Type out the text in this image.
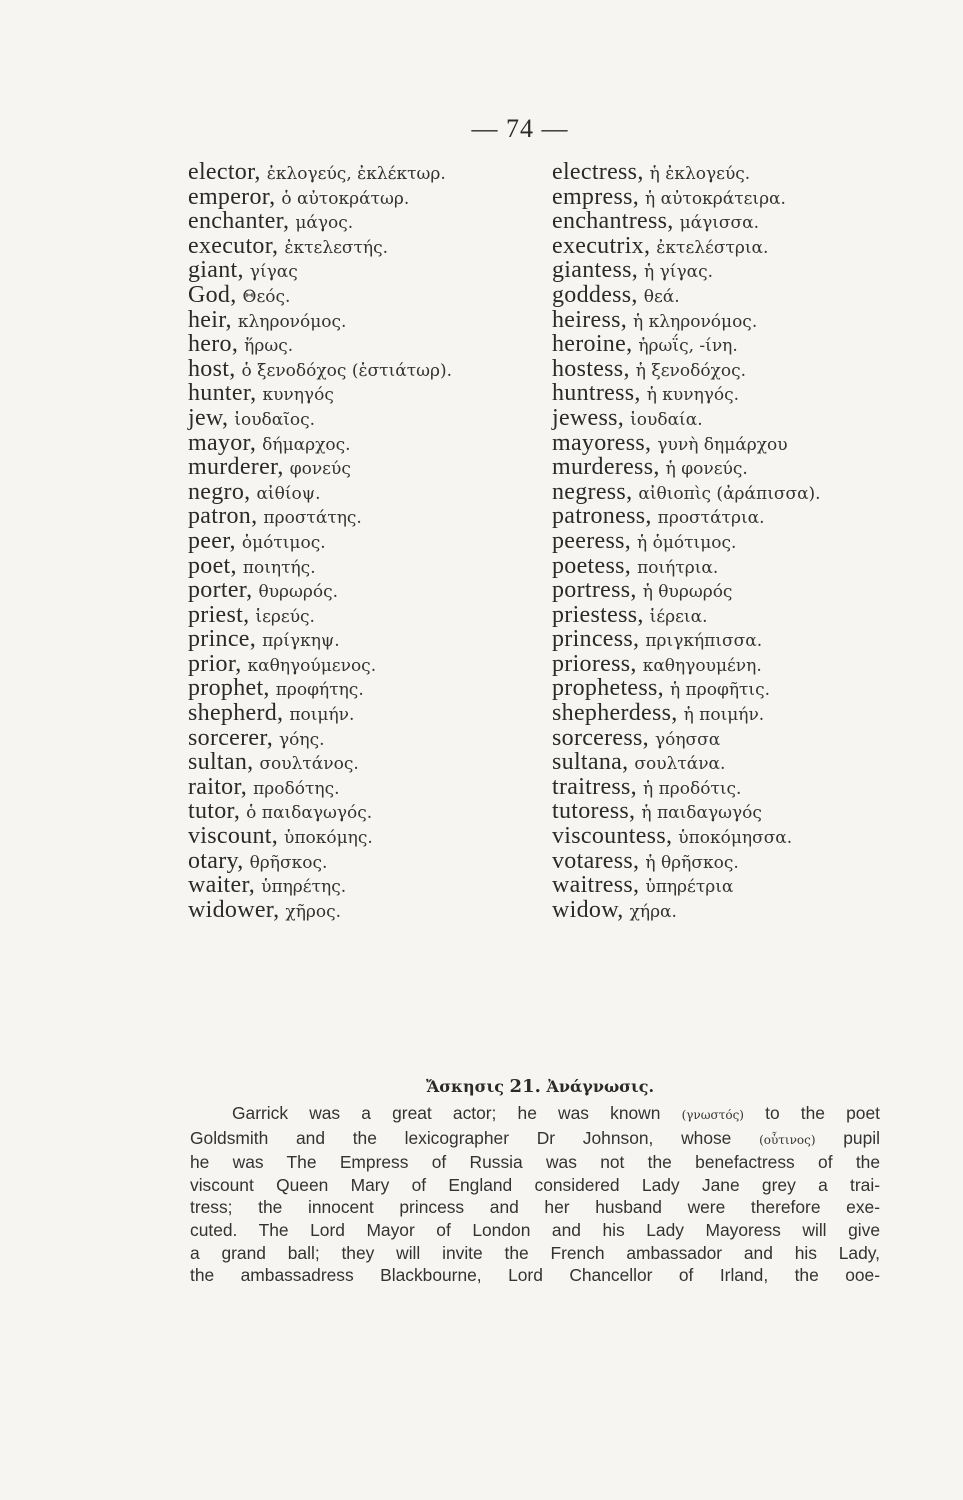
— 74 —
elector, ἐκλογεύς, ἐκλέκτωρ.
emperor, ὁ αὐτοκράτωρ.
enchanter, μάγος.
executor, ἐκτελεστής.
giant, γίγας
God, Θεός.
heir, κληρονόμος.
hero, ἥρως.
host, ὁ ξενοδόχος (ἑστιάτωρ).
hunter, κυνηγός
jew, ἰουδαῖος.
mayor, δήμαρχος.
murderer, φονεύς
negro, αἰθίοψ.
patron, προστάτης.
peer, ὁμότιμος.
poet, ποιητής.
porter, θυρωρός.
priest, ἱερεύς.
prince, πρίγκηψ.
prior, καθηγούμενος.
prophet, προφήτης.
shepherd, ποιμήν.
sorcerer, γόης.
sultan, σουλτάνος.
raitor, προδότης.
tutor, ὁ παιδαγωγός.
viscount, ὑποκόμης.
otary, θρῆσκος.
waiter, ὑπηρέτης.
widower, χῆρος.
electress, ἡ ἐκλογεύς.
empress, ἡ αὐτοκράτειρα.
enchantress, μάγισσα.
executrix, ἐκτελέστρια.
giantess, ἡ γίγας.
goddess, θεά.
heiress, ἡ κληρονόμος.
heroine, ἡρωΐς, -ίνη.
hostess, ἡ ξενοδόχος.
huntress, ἡ κυνηγός.
jewess, ἰουδαία.
mayoress, γυνὴ δημάρχου
murderess, ἡ φονεύς.
negress, αἰθιοπὶς (ἀράπισσα).
patroness, προστάτρια.
peeress, ἡ ὁμότιμος.
poetess, ποιήτρια.
portress, ἡ θυρωρός
priestess, ἱέρεια.
princess, πριγκήπισσα.
prioress, καθηγουμένη.
prophetess, ἡ προφῆτις.
shepherdess, ἡ ποιμήν.
sorceress, γόησσα
sultana, σουλτάνα.
traitress, ἡ προδότις.
tutoress, ἡ παιδαγωγός
viscountess, ὑποκόμησσα.
votaress, ἡ θρῆσκος.
waitress, ὑπηρέτρια
widow, χήρα.
Ἄσκησις 21. Ἀνάγνωσις.
Garrick was a great actor; he was known (γνωστός) to the poet
Goldsmith and the lexicographer Dr Johnson, whose (οὗτινος) pupil
he was The Empress of Russia was not the benefactress of the
viscount Queen Mary of England considered Lady Jane grey a trai-
tress; the innocent princess and her husband were therefore exe-
cuted. The Lord Mayor of London and his Lady Mayoress will give
a grand ball; they will invite the French ambassador and his Lady,
the ambassadress Blackbourne, Lord Chancellor of Irland, the ooe-
